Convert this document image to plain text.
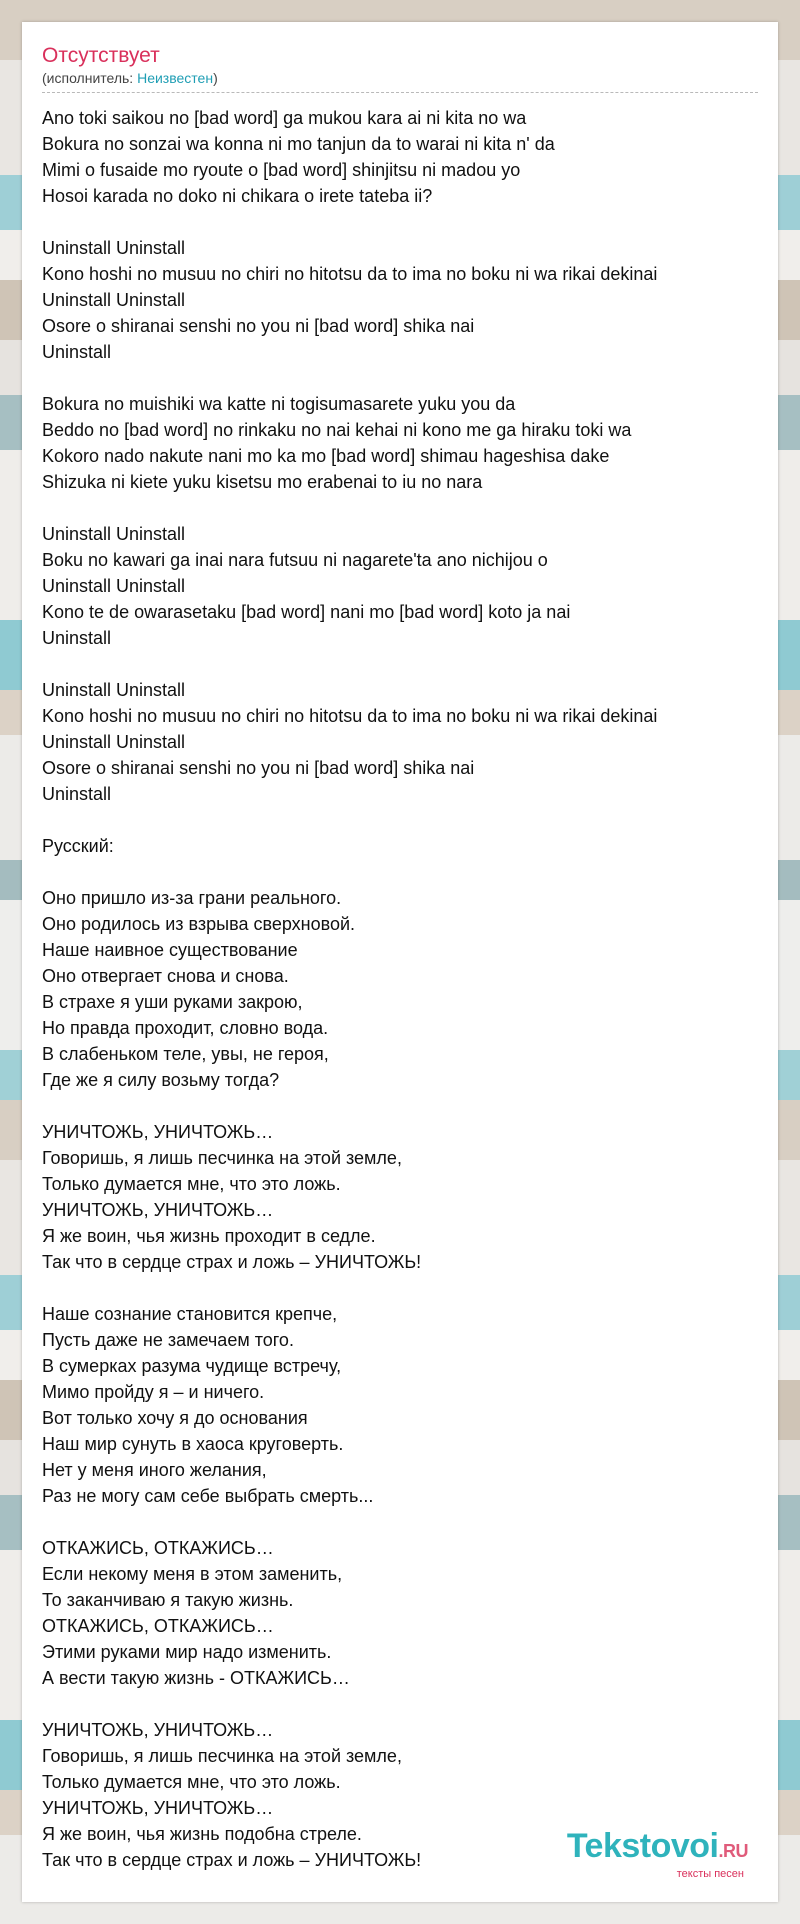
Отсутствует
(исполнитель: Неизвестен)
Ano toki saikou no [bad word] ga mukou kara ai ni kita no wa
Bokura no sonzai wa konna ni mo tanjun da to warai ni kita n' da
Mimi o fusaide mo ryoute o [bad word] shinjitsu ni madou yo
Hosoi karada no doko ni chikara o irete tateba ii?

Uninstall Uninstall
Kono hoshi no musuu no chiri no hitotsu da to ima no boku ni wa rikai dekinai
Uninstall Uninstall
Osore o shiranai senshi no you ni [bad word] shika nai
Uninstall

Bokura no muishiki wa katte ni togisumasarete yuku you da
Beddo no [bad word] no rinkaku no nai kehai ni kono me ga hiraku toki wa
Kokoro nado nakute nani mo ka mo [bad word] shimau hageshisa dake
Shizuka ni kiete yuku kisetsu mo erabenai to iu no nara

Uninstall Uninstall
Boku no kawari ga inai nara futsuu ni nagarete'ta ano nichijou o
Uninstall Uninstall
Kono te de owarasetaku [bad word] nani mo [bad word] koto ja nai
Uninstall

Uninstall Uninstall
Kono hoshi no musuu no chiri no hitotsu da to ima no boku ni wa rikai dekinai
Uninstall Uninstall
Osore o shiranai senshi no you ni [bad word] shika nai
Uninstall

Русский:

Оно пришло из-за грани реального.
Оно родилось из взрыва сверхновой.
Наше наивное существование
Оно отвергает снова и снова.
В страхе я уши руками закрою,
Но правда проходит, словно вода.
В слабеньком теле, увы, не героя,
Где же я силу возьму тогда?

УНИЧТОЖЬ, УНИЧТОЖЬ…
Говоришь, я лишь песчинка на этой земле,
Только думается мне, что это ложь.
УНИЧТОЖЬ, УНИЧТОЖЬ…
Я же воин, чья жизнь проходит в седле.
Так что в сердце страх и ложь – УНИЧТОЖЬ!

Наше сознание становится крепче,
Пусть даже не замечаем того.
В сумерках разума чудище встречу,
Мимо пройду я – и ничего.
Вот только хочу я до основания
Наш мир сунуть в хаоса круговерть.
Нет у меня иного желания,
Раз не могу сам себе выбрать смерть...

ОТКАЖИСЬ, ОТКАЖИСЬ…
Если некому меня в этом заменить,
То заканчиваю я такую жизнь.
ОТКАЖИСЬ, ОТКАЖИСЬ…
Этими руками мир надо изменить.
А вести такую жизнь - ОТКАЖИСЬ…

УНИЧТОЖЬ, УНИЧТОЖЬ…
Говоришь, я лишь песчинка на этой земле,
Только думается мне, что это ложь.
УНИЧТОЖЬ, УНИЧТОЖЬ…
Я же воин, чья жизнь подобна стреле.
Так что в сердце страх и ложь – УНИЧТОЖЬ!	Tekstovoi.RU
тексты песен
